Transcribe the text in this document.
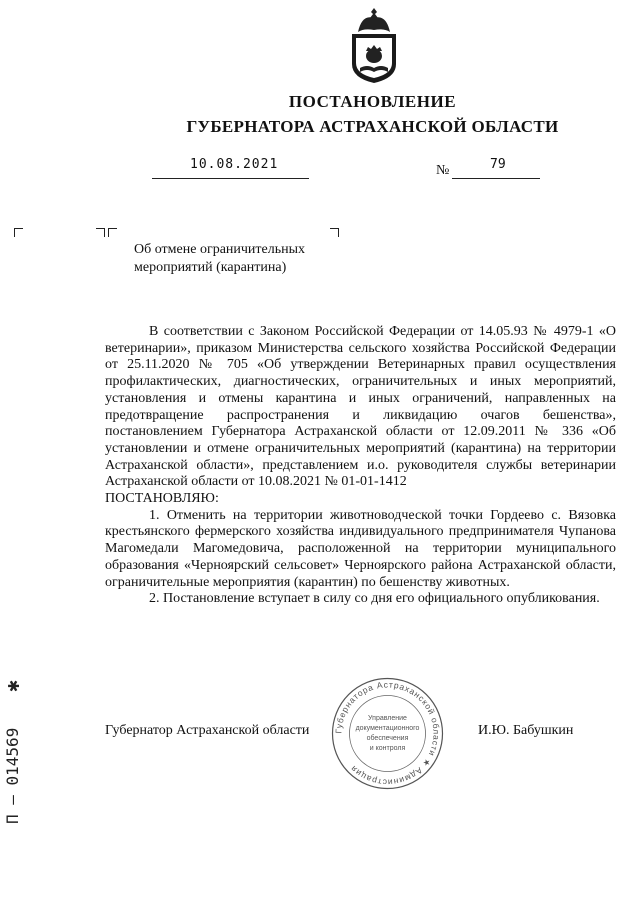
ПОСТАНОВЛЕНИЕ
ГУБЕРНАТОРА АСТРАХАНСКОЙ ОБЛАСТИ
10.08.2021	№	79
Об отмене ограничительных
мероприятий (карантина)

В соответствии с Законом Российской Федерации от 14.05.93 № 4979-1 «О ветеринарии», приказом Министерства сельского хозяйства Российской Федерации от 25.11.2020 № 705 «Об утверждении Ветеринарных правил осуществления профилактических, диагностических, ограничительных и иных мероприятий, установления и отмены карантина и иных ограничений, направленных на предотвращение распространения и ликвидацию очагов бешенства», постановлением Губернатора Астраханской области от 12.09.2011 № 336 «Об установлении и отмене ограничительных мероприятий (карантина) на территории Астраханской области», представлением и.о. руководителя службы ветеринарии Астраханской области от 10.08.2021 № 01-01-1412

ПОСТАНОВЛЯЮ:

1. Отменить на территории животноводческой точки Гордеево с. Вязовка крестьянского фермерского хозяйства индивидуального предпринимателя Чупанова Магомедали Магомедовича, расположенной на территории муниципального образования «Черноярский сельсовет» Черноярского района Астраханской области, ограничительные мероприятия (карантин) по бешенству животных.

2. Постановление вступает в силу со дня его официального опубликования.

Губернатора Астраханской области ★ Администрация
Управление
документационного
обеспечения
и контроля
Губернатор Астраханской области	И.Ю. Бабушкин
П – 014569
✱
